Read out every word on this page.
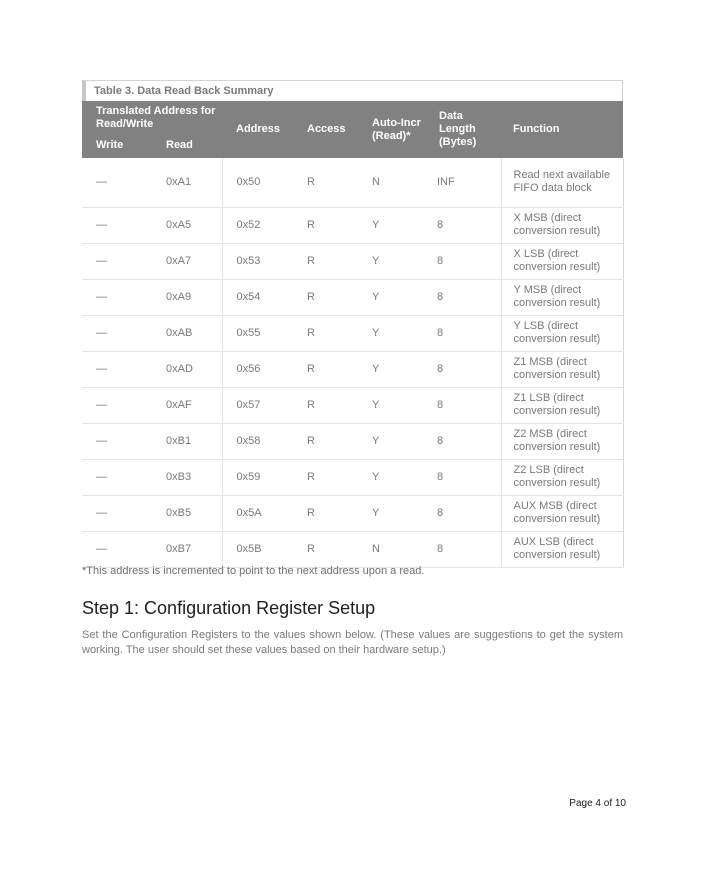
Table 3. Data Read Back Summary
Translated Address for Read/Write		Address	Access	Auto-Incr (Read)*	Data Length (Bytes)	Function
Write	Read					
—	0xA1	0x50	R	N	INF	Read next available FIFO data block
—	0xA5	0x52	R	Y	8	X MSB (direct conversion result)
—	0xA7	0x53	R	Y	8	X LSB (direct conversion result)
—	0xA9	0x54	R	Y	8	Y MSB (direct conversion result)
—	0xAB	0x55	R	Y	8	Y LSB (direct conversion result)
—	0xAD	0x56	R	Y	8	Z1 MSB (direct conversion result)
—	0xAF	0x57	R	Y	8	Z1 LSB (direct conversion result)
—	0xB1	0x58	R	Y	8	Z2 MSB (direct conversion result)
—	0xB3	0x59	R	Y	8	Z2 LSB (direct conversion result)
—	0xB5	0x5A	R	Y	8	AUX MSB (direct conversion result)
—	0xB7	0x5B	R	N	8	AUX LSB (direct conversion result)
*This address is incremented to point to the next address upon a read.
Step 1: Configuration Register Setup

Set the Configuration Registers to the values shown below. (These values are suggestions to get the system working. The user should set these values based on their hardware setup.)

Page 4 of 10
